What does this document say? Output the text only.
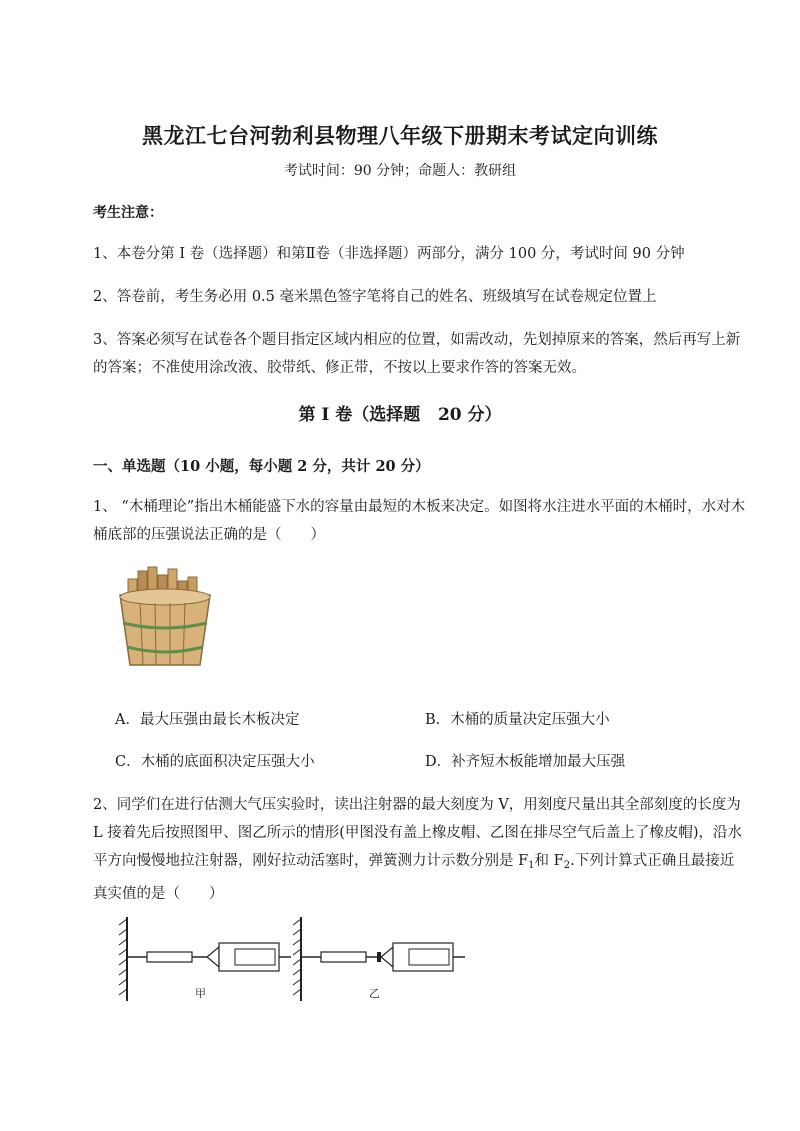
黑龙江七台河勃利县物理八年级下册期末考试定向训练
考试时间：90 分钟；命题人：教研组
考生注意：
1、本卷分第 I 卷（选择题）和第Ⅱ卷（非选择题）两部分，满分 100 分，考试时间 90 分钟
2、答卷前，考生务必用 0.5 毫米黑色签字笔将自己的姓名、班级填写在试卷规定位置上
3、答案必须写在试卷各个题目指定区域内相应的位置，如需改动，先划掉原来的答案，然后再写上新的答案；不准使用涂改液、胶带纸、修正带，不按以上要求作答的答案无效。
第 I 卷（选择题   20 分）
一、单选题（10 小题，每小题 2 分，共计 20 分）
1、 “木桶理论”指出木桶能盛下水的容量由最短的木板来决定。如图将水注进水平面的木桶时，水对木桶底部的压强说法正确的是（　　）
A．最大压强由最长木板决定	B．木桶的质量决定压强大小
C．木桶的底面积决定压强大小	D．补齐短木板能增加最大压强
2、同学们在进行估测大气压实验时，读出注射器的最大刻度为 V，用刻度尺量出其全部刻度的长度为 L 接着先后按照图甲、图乙所示的情形(甲图没有盖上橡皮帽、乙图在排尽空气后盖上了橡皮帽)，沿水平方向慢慢地拉注射器，刚好拉动活塞时，弹簧测力计示数分别是 $F_1$和 $F_2$.下列计算式正确且最接近真实值的是（　　）
甲	乙
